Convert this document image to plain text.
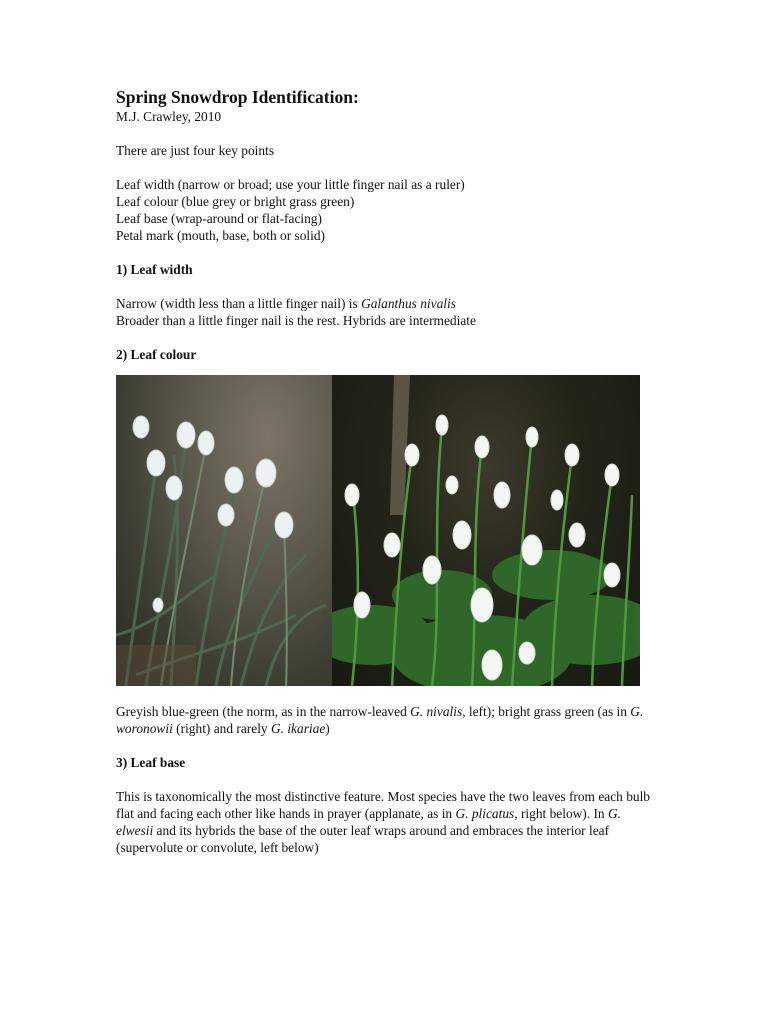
Spring Snowdrop Identification:

M.J. Crawley, 2010

There are just four key points

Leaf width (narrow or broad; use your little finger nail as a ruler)

Leaf colour (blue grey or bright grass green)

Leaf base (wrap-around or flat-facing)

Petal mark (mouth, base, both or solid)

1) Leaf width

Narrow (width less than a little finger nail) is Galanthus nivalis

Broader than a little finger nail is the rest. Hybrids are intermediate

2) Leaf colour

Greyish blue-green (the norm, as in the narrow-leaved G. nivalis, left); bright grass green (as in G. woronowii (right) and rarely G. ikariae)

3) Leaf base

This is taxonomically the most distinctive feature. Most species have the two leaves from each bulb flat and facing each other like hands in prayer (applanate, as in G. plicatus, right below). In G. elwesii and its hybrids the base of the outer leaf wraps around and embraces the interior leaf (supervolute or convolute, left below)
